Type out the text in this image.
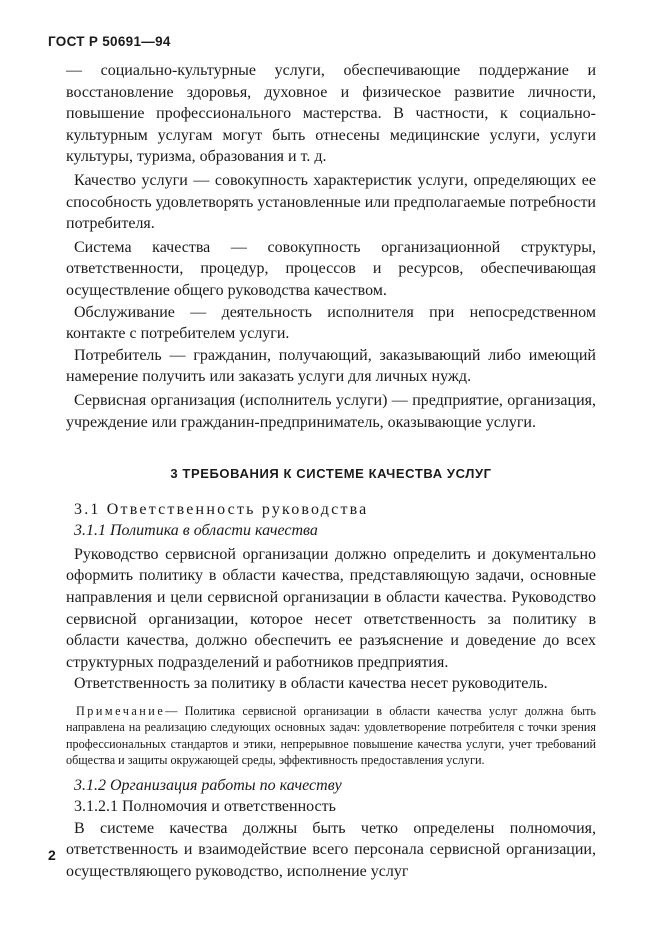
ГОСТ Р 50691—94

— социально-культурные услуги, обеспечивающие поддержание и восстановление здоровья, духовное и физическое развитие личности, повышение профессионального мастерства. В частности, к социально-культурным услугам могут быть отнесены медицинские услуги, услуги культуры, туризма, образования и т. д.

Качество услуги — совокупность характеристик услуги, определяющих ее способность удовлетворять установленные или предполагаемые потребности потребителя.

Система качества — совокупность организационной структуры, ответственности, процедур, процессов и ресурсов, обеспечивающая осуществление общего руководства качеством.

Обслуживание — деятельность исполнителя при непосредственном контакте с потребителем услуги.

Потребитель — гражданин, получающий, заказывающий либо имеющий намерение получить или заказать услуги для личных нужд.

Сервисная организация (исполнитель услуги) — предприятие, организация, учреждение или гражданин-предприниматель, оказывающие услуги.

3 ТРЕБОВАНИЯ К СИСТЕМЕ КАЧЕСТВА УСЛУГ

3.1 Ответственность руководства

3.1.1 Политика в области качества

Руководство сервисной организации должно определить и документально оформить политику в области качества, представляющую задачи, основные направления и цели сервисной организации в области качества. Руководство сервисной организации, которое несет ответственность за политику в области качества, должно обеспечить ее разъяснение и доведение до всех структурных подразделений и работников предприятия.

Ответственность за политику в области качества несет руководитель.

Примечание— Политика сервисной организации в области качества услуг должна быть направлена на реализацию следующих основных задач: удовлетворение потребителя с точки зрения профессиональных стандартов и этики, непрерывное повышение качества услуги, учет требований общества и защиты окружающей среды, эффективность предоставления услуги.

3.1.2 Организация работы по качеству

3.1.2.1 Полномочия и ответственность

В системе качества должны быть четко определены полномочия, ответственность и взаимодействие всего персонала сервисной организации, осуществляющего руководство, исполнение услуг

2
